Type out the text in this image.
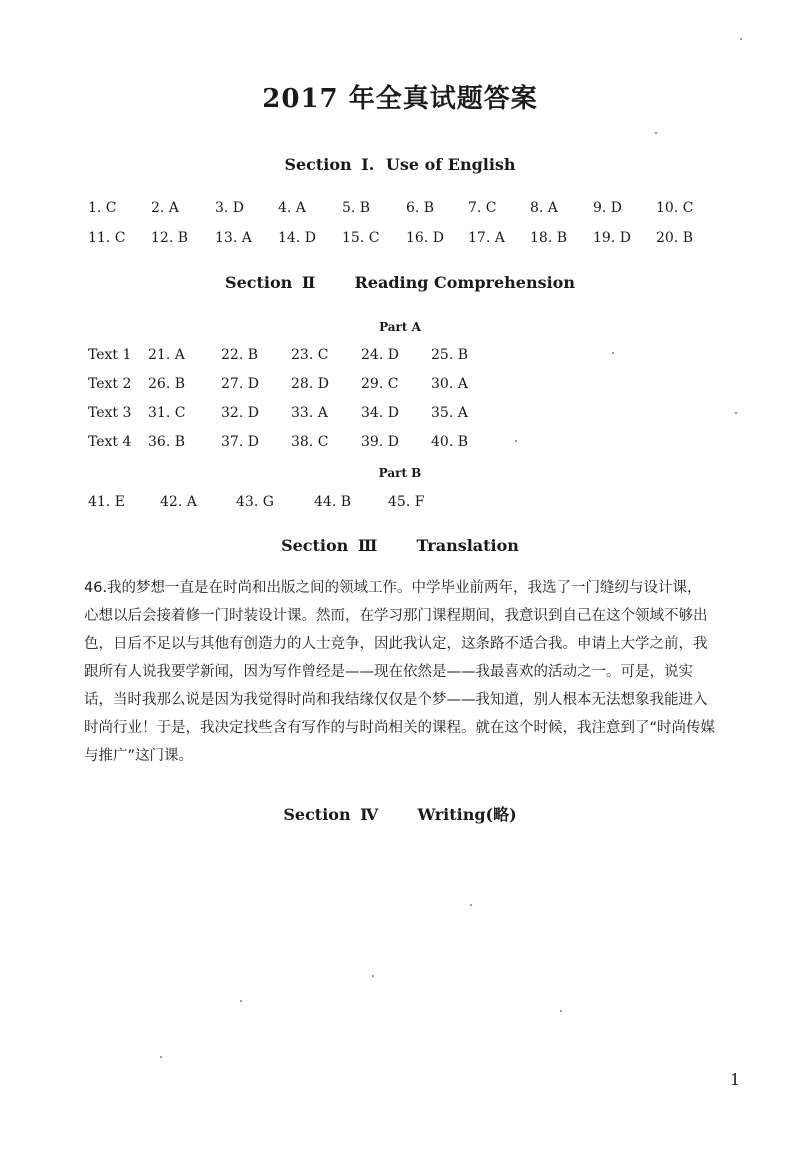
2017 年全真试题答案
Section Ⅰ. Use of English
1. C 2. A	3. D 4. A	5. B	6. B 7. C 8. A	9. D 10. C
11. C 12. B 13. A 14. D 15. C 16. D 17. A 18. B 19. D 20. B
Section Ⅱ Reading Comprehension
Part A
Text 1 21. A	22. B 23. C 24. D 25. B
Text 2 26. B	27. D 28. D 29. C 30. A
Text 3 31. C	32. D 33. A 34. D 35. A
Text 4 36. B	37. D 38. C 39. D 40. B
Part B
41. E	42. A	43. G	44. B	45. F
Section Ⅲ Translation
46.我的梦想一直是在时尚和出版之间的领域工作。中学毕业前两年，我选了一门缝纫与设计课，心想以后会接着修一门时装设计课。然而，在学习那门课程期间，我意识到自己在这个领域不够出色，日后不足以与其他有创造力的人士竞争，因此我认定，这条路不适合我。申请上大学之前，我跟所有人说我要学新闻，因为写作曾经是——现在依然是——我最喜欢的活动之一。可是，说实话，当时我那么说是因为我觉得时尚和我结缘仅仅是个梦——我知道，别人根本无法想象我能进入时尚行业！于是，我决定找些含有写作的与时尚相关的课程。就在这个时候，我注意到了“时尚传媒与推广”这门课。
Section Ⅳ Writing(略)
1
